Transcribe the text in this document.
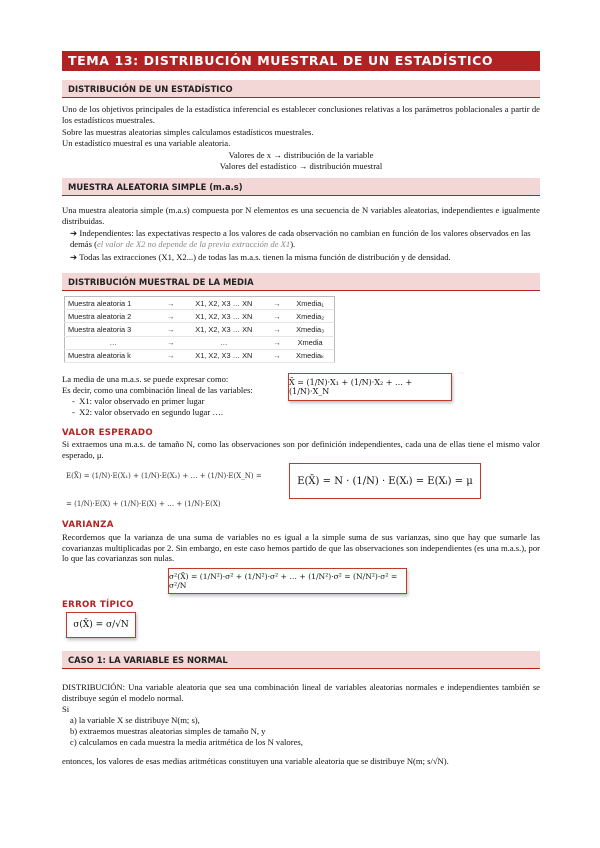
TEMA 13: DISTRIBUCIÓN MUESTRAL DE UN ESTADÍSTICO
DISTRIBUCIÓN DE UN ESTADÍSTICO
Uno de los objetivos principales de la estadística inferencial es establecer conclusiones relativas a los parámetros poblacionales a partir de los estadísticos muestrales.
Sobre las muestras aleatorias simples calculamos estadísticos muestrales.
Un estadístico muestral es una variable aleatoria.
Valores de x → distribución de la variable
Valores del estadístico → distribución muestral
MUESTRA ALEATORIA SIMPLE (m.a.s)
Una muestra aleatoria simple (m.a.s) compuesta por N elementos es una secuencia de N variables aleatorias, independientes e igualmente distribuidas.
➔ Independientes: las expectativas respecto a los valores de cada observación no cambian en función de los valores observados en las demás (el valor de X2 no depende de la previa extracción de X1).
➔ Todas las extracciones (X1, X2...) de todas las m.a.s. tienen la misma función de distribución y de densidad.
DISTRIBUCIÓN MUESTRAL DE LA MEDIA
Muestra aleatoria 1	→	X1, X2, X3 … XN	→	Xmedia₁
Muestra aleatoria 2	→	X1, X2, X3 … XN	→	Xmedia₂
Muestra aleatoria 3	→	X1, X2, X3 … XN	→	Xmedia₃
…	→	…	→	Xmedia
Muestra aleatoria k	→	X1, X2, X3 … XN	→	Xmediaₖ
La media de una m.a.s. se puede expresar como:
Es decir, como una combinación lineal de las variables:
-  X1: valor observado en primer lugar
-  X2: valor observado en segundo lugar ….
X̄ = (1/N)·X₁ + (1/N)·X₂ + … + (1/N)·X_N
VALOR ESPERADO
Si extraemos una m.a.s. de tamaño N, como las observaciones son por definición independientes, cada una de ellas tiene el mismo valor esperado, μ.
E(X̄) = (1/N)·E(X₁) + (1/N)·E(X₂) + … + (1/N)·E(X_N) =
= (1/N)·E(X) + (1/N)·E(X) + … + (1/N)·E(X)
E(X̄) = N · (1/N) · E(Xᵢ) = E(Xᵢ) = μ
VARIANZA
Recordemos que la varianza de una suma de variables no es igual a la simple suma de sus varianzas, sino que hay que sumarle las covarianzas multiplicadas por 2. Sin embargo, en este caso hemos partido de que las observaciones son independientes (es una m.a.s.), por lo que las covarianzas son nulas.
σ²(X̄) = (1/N²)·σ² + (1/N²)·σ² + … + (1/N²)·σ² = (N/N²)·σ² = σ²/N
ERROR TÍPICO
σ(X̄) = σ/√N
CASO 1: LA VARIABLE ES NORMAL
DISTRIBUCIÓN: Una variable aleatoria que sea una combinación lineal de variables aleatorias normales e independientes también se distribuye según el modelo normal.
Si
a) la variable X se distribuye N(m; s),
b) extraemos muestras aleatorias simples de tamaño N, y
c) calculamos en cada muestra la media aritmética de los N valores,
entonces, los valores de esas medias aritméticas constituyen una variable aleatoria que se distribuye N(m; s/√N).
